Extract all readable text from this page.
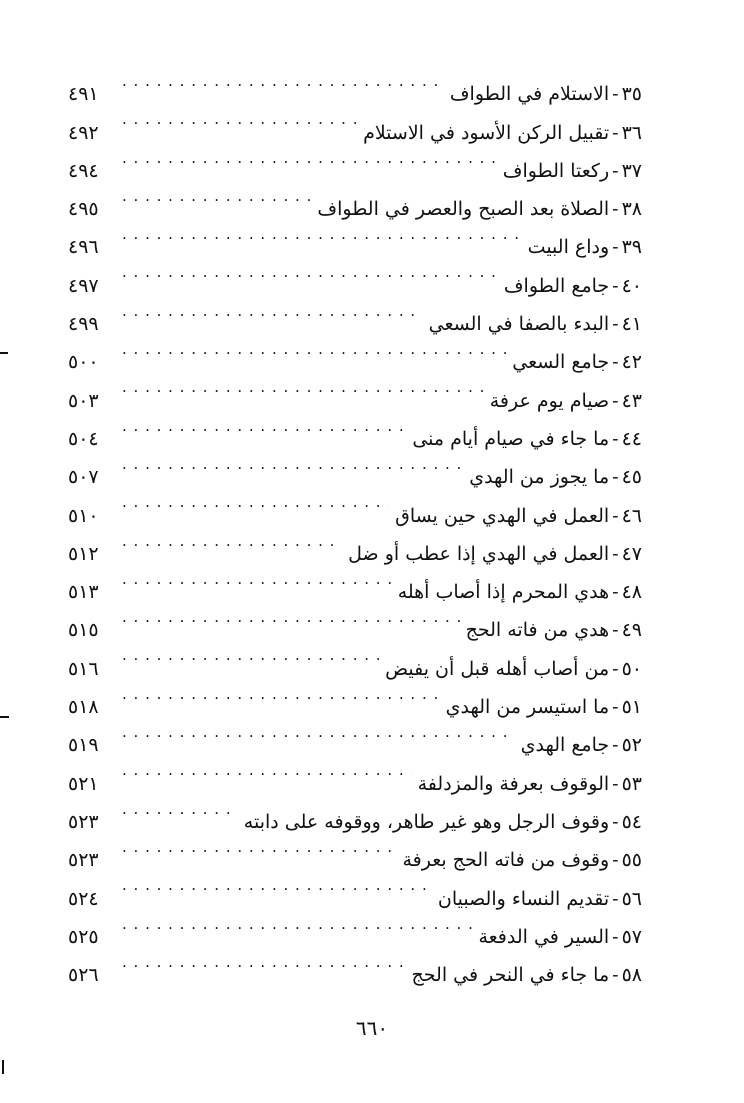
٣٥
-
الاستلام في الطواف
. . .
٤٩١
٣٦
-
تقبيل الركن الأسود في الاستلام
. . .
٤٩٢
٣٧
-
ركعتا الطواف
. . .
٤٩٤
٣٨
-
الصلاة بعد الصبح والعصر في الطواف
. . .
٤٩٥
٣٩
-
وداع البيت
. . .
٤٩٦
٤٠
-
جامع الطواف
. . .
٤٩٧
٤١
-
البدء بالصفا في السعي
. . .
٤٩٩
٤٢
-
جامع السعي
. . .
٥٠٠
٤٣
-
صيام يوم عرفة
. . .
٥٠٣
٤٤
-
ما جاء في صيام أيام منى
. . .
٥٠٤
٤٥
-
ما يجوز من الهدي
. . .
٥٠٧
٤٦
-
العمل في الهدي حين يساق
. . .
٥١٠
٤٧
-
العمل في الهدي إذا عطب أو ضل
. . .
٥١٢
٤٨
-
هدي المحرم إذا أصاب أهله
. . .
٥١٣
٤٩
-
هدي من فاته الحج
. . .
٥١٥
٥٠
-
من أصاب أهله قبل أن يفيض
. . .
٥١٦
٥١
-
ما استيسر من الهدي
. . .
٥١٨
٥٢
-
جامع الهدي
. . .
٥١٩
٥٣
-
الوقوف بعرفة والمزدلفة
. . .
٥٢١
٥٤
-
وقوف الرجل وهو غير طاهر، ووقوفه على دابته
. . .
٥٢٣
٥٥
-
وقوف من فاته الحج بعرفة
. . .
٥٢٣
٥٦
-
تقديم النساء والصبيان
. . .
٥٢٤
٥٧
-
السير في الدفعة
. . .
٥٢٥
٥٨
-
ما جاء في النحر في الحج
. . .
٥٢٦
٦٦٠
